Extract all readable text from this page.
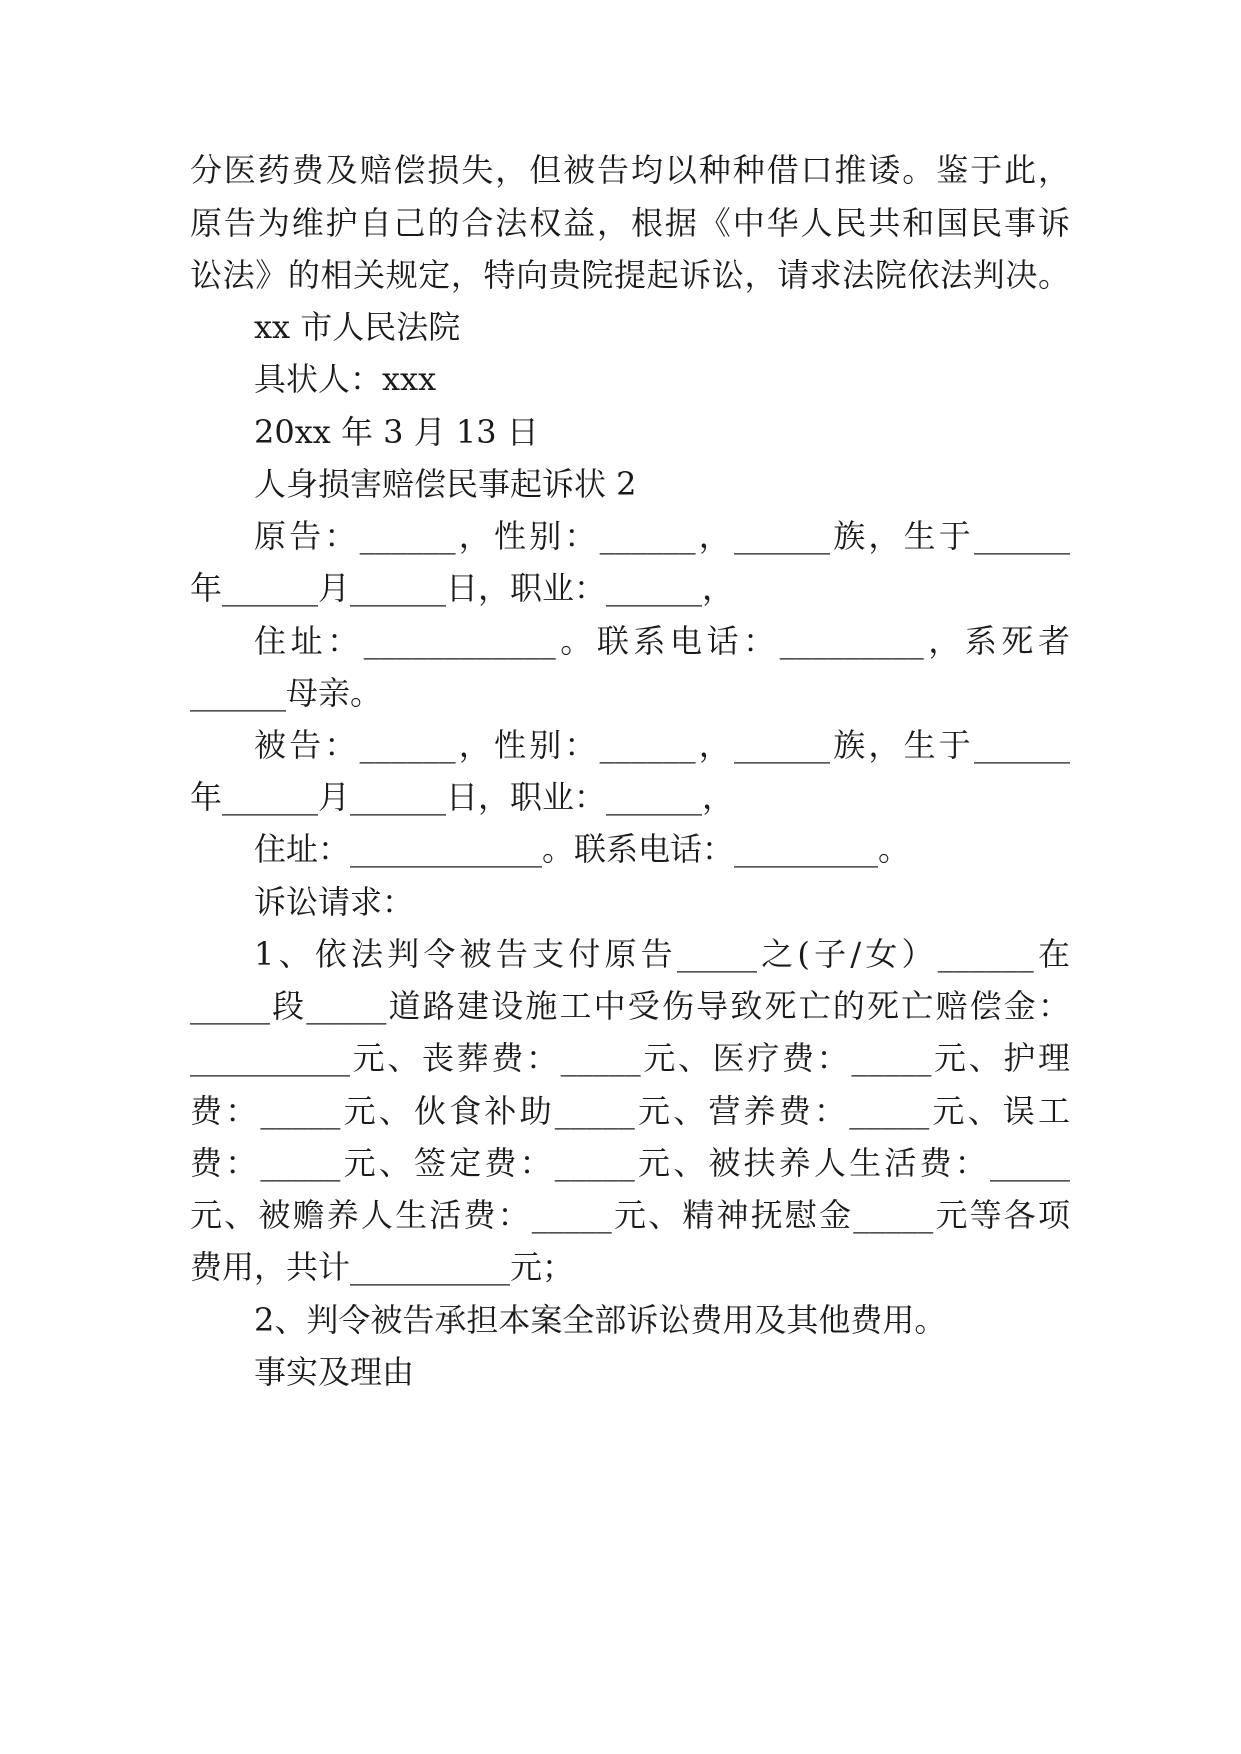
分医药费及赔偿损失，但被告均以种种借口推诿。鉴于此，
原告为维护自己的合法权益，根据《中华人民共和国民事诉
讼法》的相关规定，特向贵院提起诉讼，请求法院依法判决。
xx 市人民法院
具状人：xxx
20xx 年 3 月 13 日
人身损害赔偿民事起诉状 2
原告：______，性别：______，______族，生于______
年______月______日，职业：______，
住址：____________。联系电话：_________，系死者
______母亲。
被告：______，性别：______，______族，生于______
年______月______日，职业：______，
住址：____________。联系电话：_________。
诉讼请求：
1、依法判令被告支付原告_____之(子/女）______在
_____段_____道路建设施工中受伤导致死亡的死亡赔偿金：
__________元、丧葬费：_____元、医疗费：_____元、护理
费：_____元、伙食补助_____元、营养费：_____元、误工
费：_____元、签定费：_____元、被扶养人生活费：_____
元、被赡养人生活费：_____元、精神抚慰金_____元等各项
费用，共计__________元；
2、判令被告承担本案全部诉讼费用及其他费用。
事实及理由
